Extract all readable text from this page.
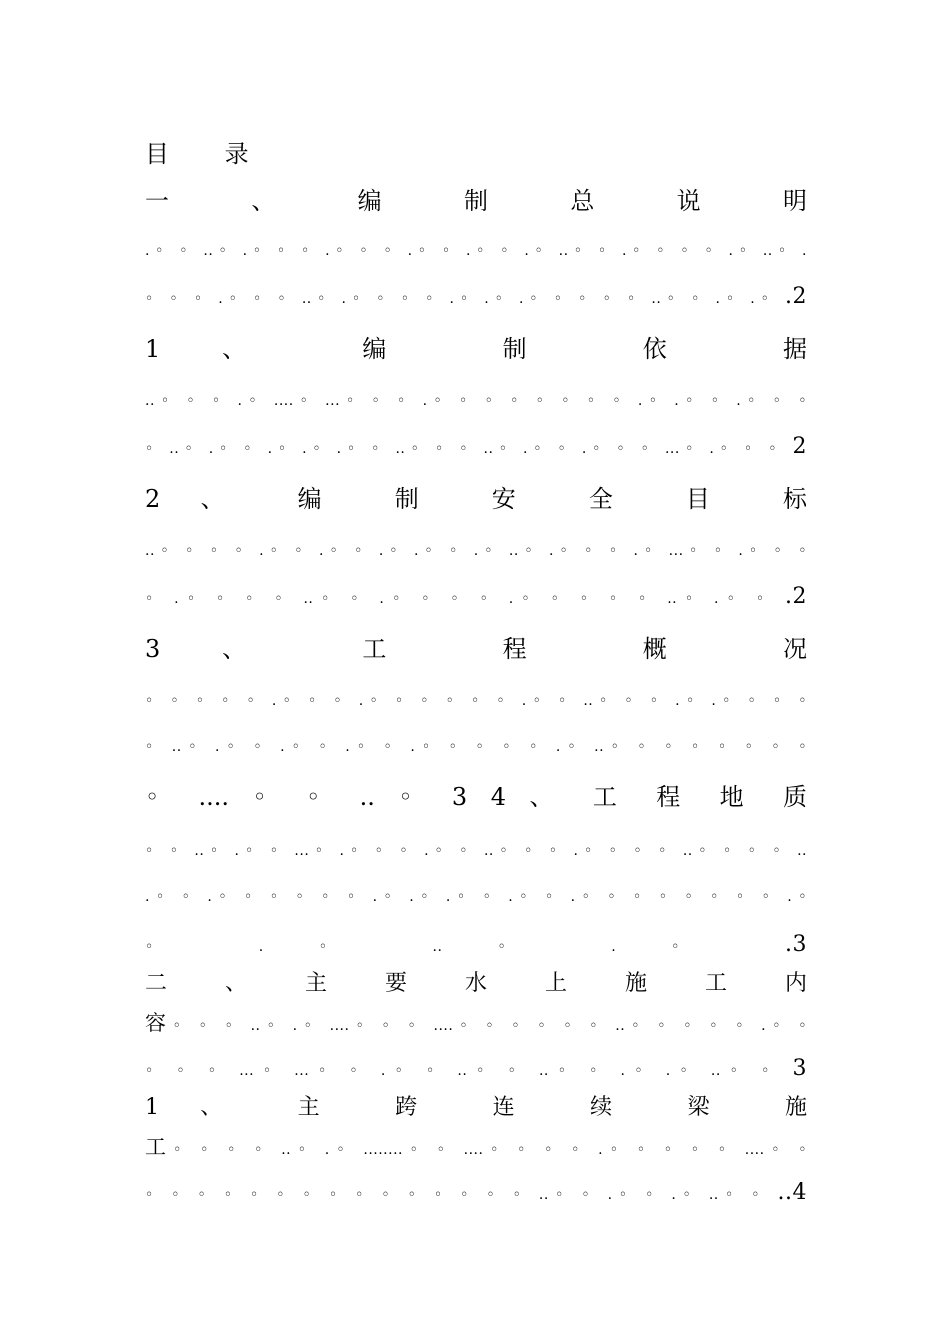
目 录

一 、 编 制 总 说 明

.◦ ◦ ..◦ .◦ ◦ ◦ .◦ ◦ ◦ .◦ ◦ .◦ ◦ .◦ ..◦ ◦ .◦ ◦ ◦ ◦ .◦ ..◦ .

◦ ◦ ◦ .◦ ◦ ◦ ..◦ .◦ ◦ ◦ ◦ .◦ .◦ .◦ ◦ ◦ ◦ ◦ ..◦ ◦ .◦ .◦ .2

1 、 编 制 依 据

..◦ ◦ ◦ .◦ ....◦ ...◦ ◦ ◦ .◦ ◦ ◦ ◦ ◦ ◦ ◦ ◦ .◦ .◦ ◦ .◦ ◦ ◦

◦ ..◦ .◦ ◦ .◦ .◦ .◦ ◦ ..◦ ◦ ◦ ..◦ .◦ ◦ .◦ ◦ ◦ ...◦ .◦ ◦ ◦ 2

2 、 编 制 安 全 目 标

..◦ ◦ ◦ ◦ .◦ ◦ .◦ ◦ .◦ .◦ ◦ .◦ ..◦ .◦ ◦ ◦ .◦ ...◦ ◦ .◦ ◦ ◦

◦ .◦ ◦ ◦ ◦ ..◦ ◦ .◦ ◦ ◦ ◦ .◦ ◦ ◦ ◦ ◦ ..◦ .◦ ◦ .2

3 、 工 程 概 况

◦ ◦ ◦ ◦ ◦ .◦ ◦ ◦ .◦ ◦ ◦ ◦ ◦ ◦ .◦ ◦ ..◦ ◦ ◦ .◦ .◦ ◦ ◦ ◦

◦ ..◦ .◦ ◦ .◦ ◦ .◦ ◦ .◦ ◦ ◦ ◦ ◦ .◦ ..◦ ◦ ◦ ◦ ◦ ◦ ◦ ◦

◦ .... ◦ ◦ .. ◦ 3 4 、 工 程 地 质

◦ ◦ ..◦ .◦ ◦ ...◦ .◦ ◦ ◦ .◦ ◦ ..◦ ◦ ◦ .◦ ◦ ◦ ◦ ..◦ ◦ ◦ ◦ ..

.◦ ◦ .◦ ◦ ◦ ◦ ◦ ◦ .◦ .◦ .◦ ◦ .◦ ◦ .◦ ◦ ◦ ◦ ◦ ◦ ◦ ◦ .◦

◦ . ◦ .. ◦ . ◦	.3

二 、 主 要 水 上 施 工 内

容◦ ◦ ◦ ..◦ .◦ ....◦ ◦ ◦ ....◦ ◦ ◦ ◦ ◦ ◦ ..◦ ◦ ◦ ◦ ◦ .◦ ◦

◦ ◦ ◦ ...◦ ...◦ ◦ .◦ ◦ ..◦ ◦ ..◦ ◦ .◦ .◦ ..◦ ◦ 3

1 、 主 跨 连 续 梁 施

工◦ ◦ ◦ ◦ ..◦ .◦ ........◦ ◦ ....◦ ◦ ◦ ◦ .◦ ◦ ◦ ◦ ◦ ....◦ ◦

◦ ◦ ◦ ◦ ◦ ◦ ◦ ◦ ◦ ◦ ◦ ◦ ◦ ◦ ◦ ..◦ ◦ .◦ ◦ .◦ ..◦ ◦ ..4
